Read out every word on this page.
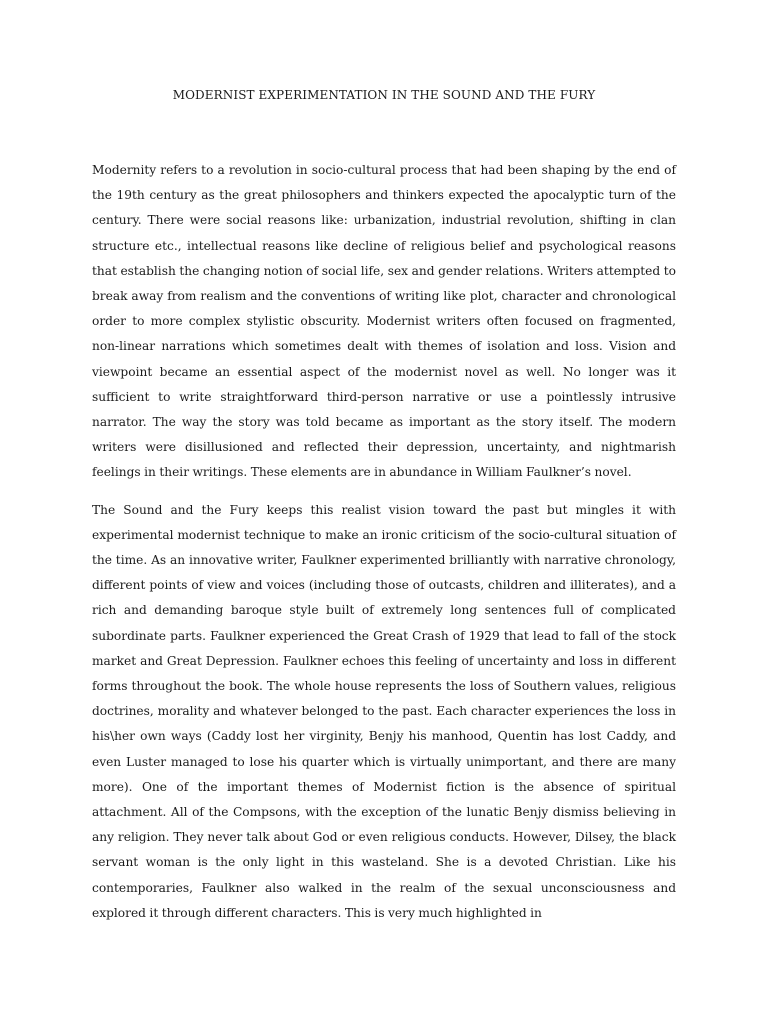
MODERNIST EXPERIMENTATION IN THE SOUND AND THE FURY

Modernity refers to a revolution in socio-cultural process that had been shaping by the end of the 19th century as the great philosophers and thinkers expected the apocalyptic turn of the century. There were social reasons like: urbanization, industrial revolution, shifting in clan structure etc., intellectual reasons like decline of religious belief and psychological reasons that establish the changing notion of social life, sex and gender relations. Writers attempted to break away from realism and the conventions of writing like plot, character and chronological order to more complex stylistic obscurity. Modernist writers often focused on fragmented, non-linear narrations which sometimes dealt with themes of isolation and loss. Vision and viewpoint became an essential aspect of the modernist novel as well. No longer was it sufficient to write straightforward third-person narrative or use a pointlessly intrusive narrator. The way the story was told became as important as the story itself. The modern writers were disillusioned and reflected their depression, uncertainty, and nightmarish feelings in their writings. These elements are in abundance in William Faulkner’s novel.

The Sound and the Fury keeps this realist vision toward the past but mingles it with experimental modernist technique to make an ironic criticism of the socio-cultural situation of the time. As an innovative writer, Faulkner experimented brilliantly with narrative chronology, different points of view and voices (including those of outcasts, children and illiterates), and a rich and demanding baroque style built of extremely long sentences full of complicated subordinate parts. Faulkner experienced the Great Crash of 1929 that lead to fall of the stock market and Great Depression. Faulkner echoes this feeling of uncertainty and loss in different forms throughout the book. The whole house represents the loss of Southern values, religious doctrines, morality and whatever belonged to the past. Each character experiences the loss in his\her own ways (Caddy lost her virginity, Benjy his manhood, Quentin has lost Caddy, and even Luster managed to lose his quarter which is virtually unimportant, and there are many more). One of the important themes of Modernist fiction is the absence of spiritual attachment. All of the Compsons, with the exception of the lunatic Benjy dismiss believing in any religion. They never talk about God or even religious conducts. However, Dilsey, the black servant woman is the only light in this wasteland. She is a devoted Christian. Like his contemporaries, Faulkner also walked in the realm of the sexual unconsciousness and explored it through different characters. This is very much highlighted in
